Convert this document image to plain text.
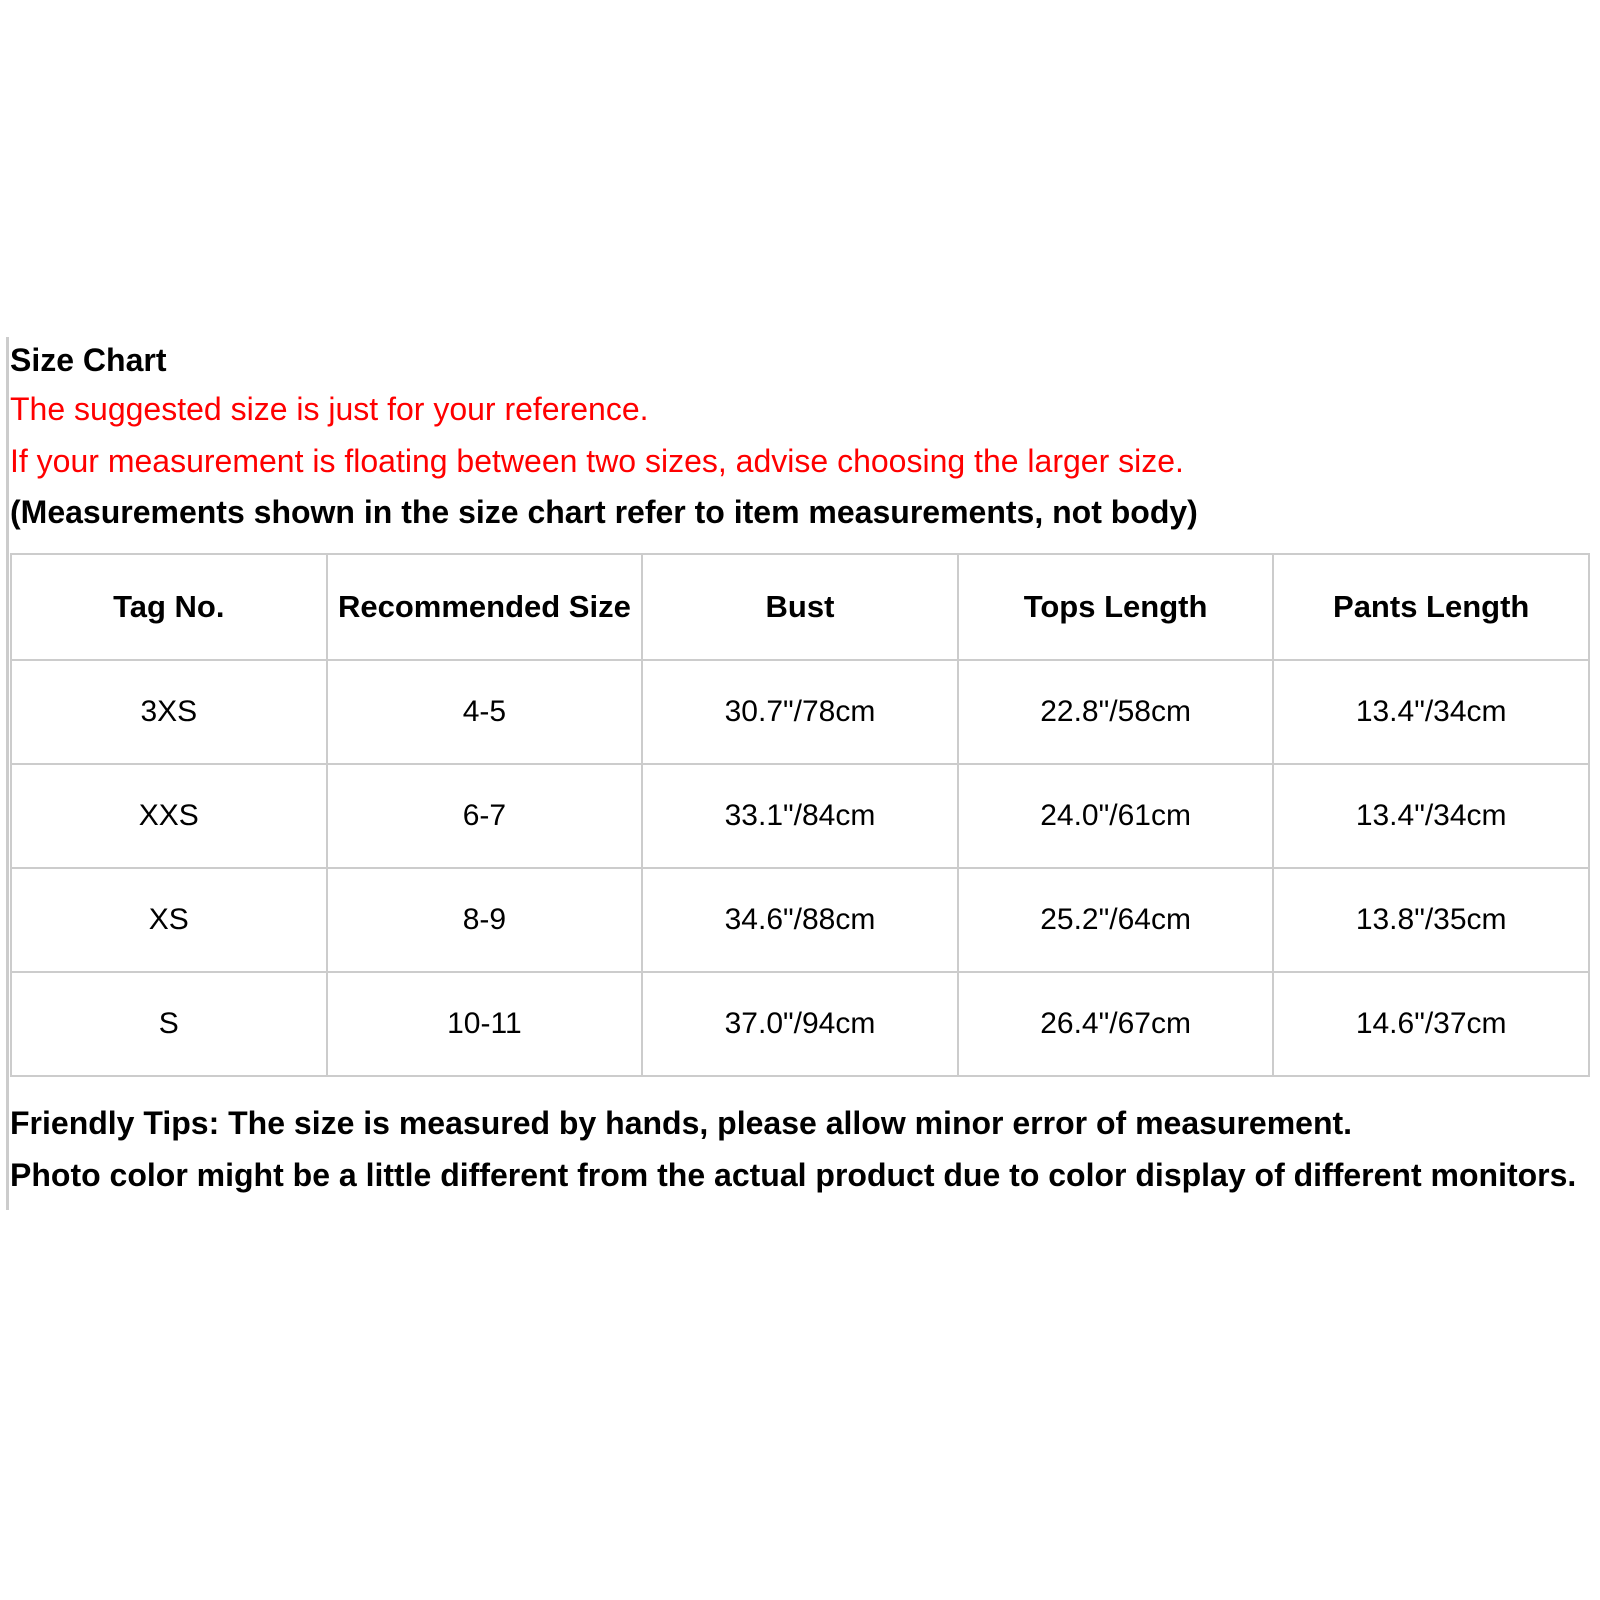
Size Chart
The suggested size is just for your reference.
If your measurement is floating between two sizes, advise choosing the larger size.
(Measurements shown in the size chart refer to item measurements, not body)
Tag No.	Recommended Size	Bust	Tops Length	Pants Length
3XS	4-5	30.7"/78cm	22.8"/58cm	13.4"/34cm
XXS	6-7	33.1"/84cm	24.0"/61cm	13.4"/34cm
XS	8-9	34.6"/88cm	25.2"/64cm	13.8"/35cm
S	10-11	37.0"/94cm	26.4"/67cm	14.6"/37cm
Friendly Tips: The size is measured by hands, please allow minor error of measurement.
Photo color might be a little different from the actual product due to color display of different monitors.
